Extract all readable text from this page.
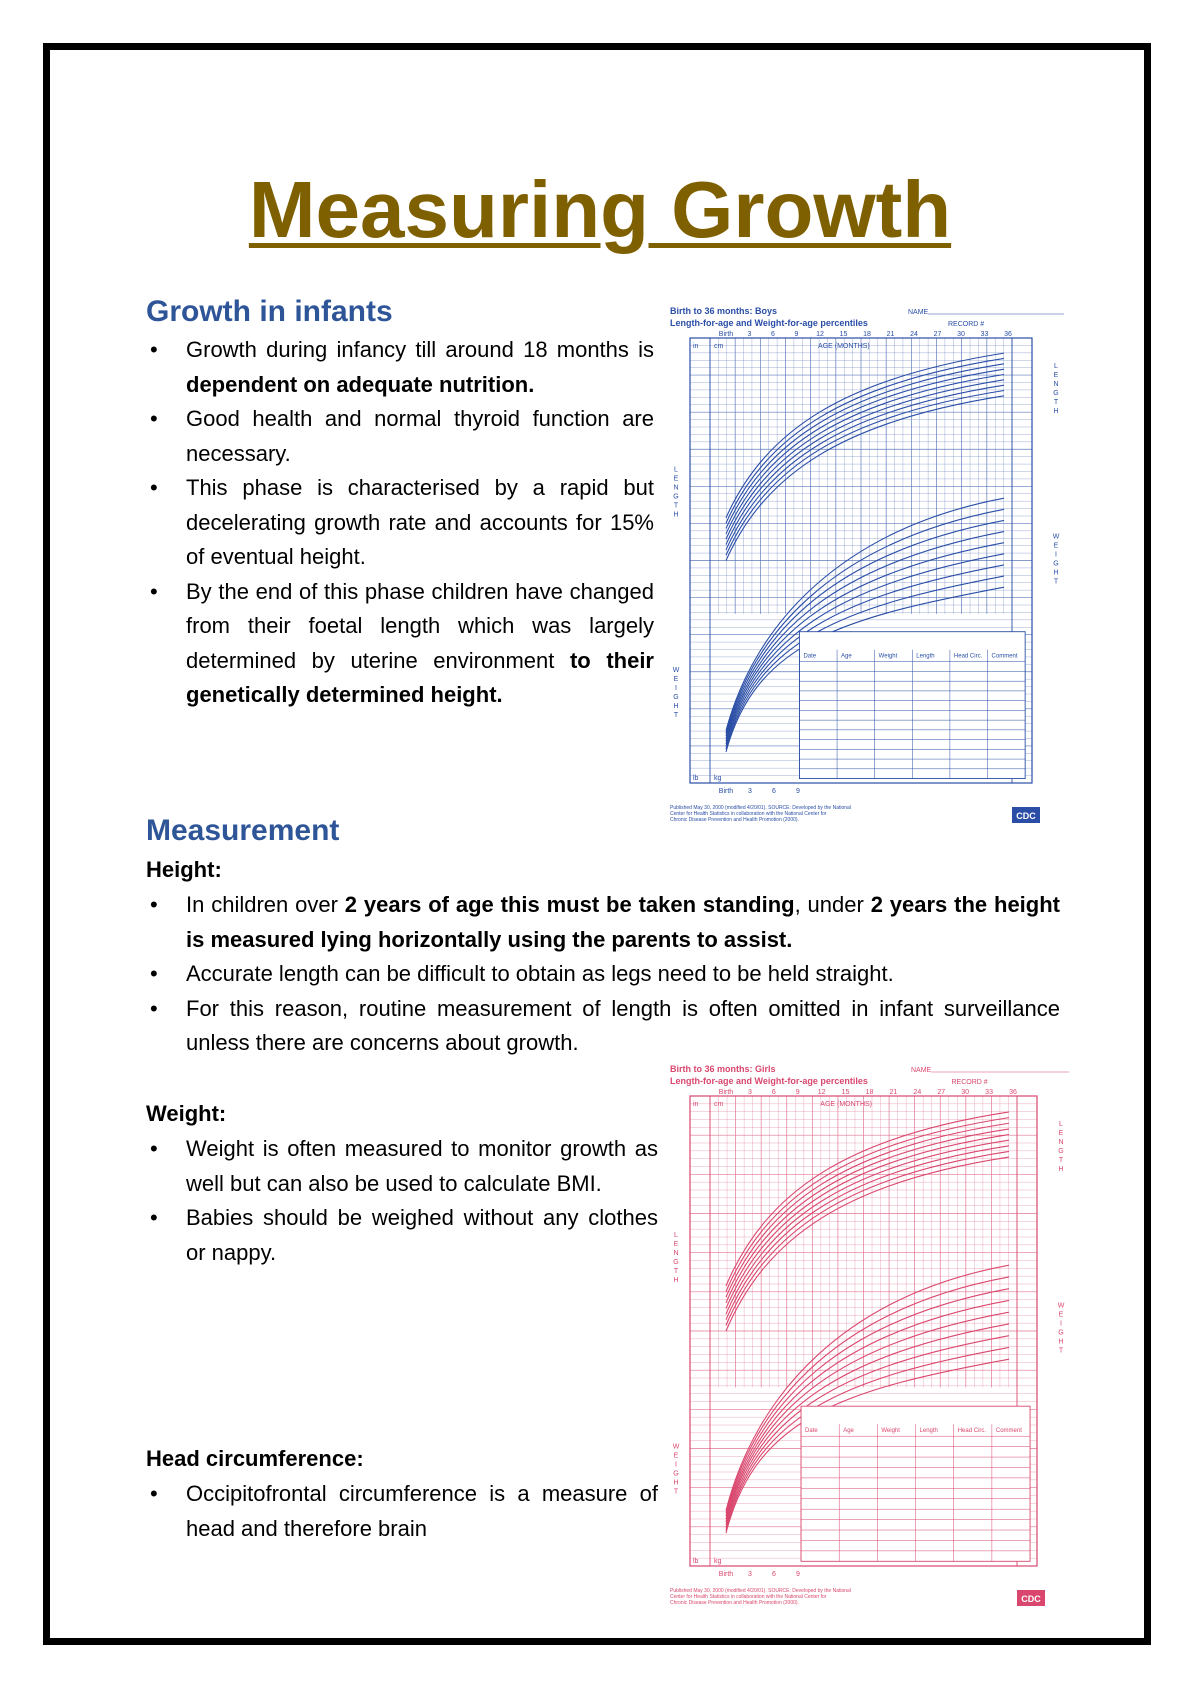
Measuring Growth
Growth in infants
• Growth during infancy till around 18 months is dependent on adequate nutrition.
• Good health and normal thyroid function are necessary.
• This phase is characterised by a rapid but decelerating growth rate and accounts for 15% of eventual height.
• By the end of this phase children have changed from their foetal length which was largely determined by uterine environment to their genetically determined height.
Measurement
Height:
• In children over 2 years of age this must be taken standing, under 2 years the height is measured lying horizontally using the parents to assist.
• Accurate length can be difficult to obtain as legs need to be held straight.
• For this reason, routine measurement of length is often omitted in infant surveillance unless there are concerns about growth.
Weight:
• Weight is often measured to monitor growth as well but can also be used to calculate BMI.
• Babies should be weighed without any clothes or nappy.
Head circumference:
• Occipitofrontal circumference is a measure of head and therefore brain
Birth to 36 months: Boys
Length-for-age and Weight-for-age percentiles
NAME
RECORD #
Birth 3	6	9	12 15 18 21 24 27 30 33 36
AGE (MONTHS)
in cm
lb kg
L
E
N
G
T
H
L
E
N
G
T
H
W
E
I
G
H
T
W
E
I
G
H
T
Date	Age	Weight	Length	Head Circ. Comment
Birth 3	6	9
Published May 30, 2000 (modified 4/20/01). SOURCE: Developed by the National Center for Health Statistics in collaboration with the National Center for Chronic Disease Prevention and Health Promotion (2000).	CDC
Birth to 36 months: Girls
Length-for-age and Weight-for-age percentiles
NAME
RECORD #
Birth 3	6	9	12 15 18 21 24 27 30 33 36
AGE (MONTHS)
in cm
lb kg
L
E
N
G
T
H
L
E
N
G
T
H
W
E
I
G
H
T
W
E
I
G
H
T
Date	Age	Weight	Length	Head Circ. Comment
Birth 3	6	9
Published May 30, 2000 (modified 4/20/01). SOURCE: Developed by the National Center for Health Statistics in collaboration with the National Center for Chronic Disease Prevention and Health Promotion (2000).	CDC
